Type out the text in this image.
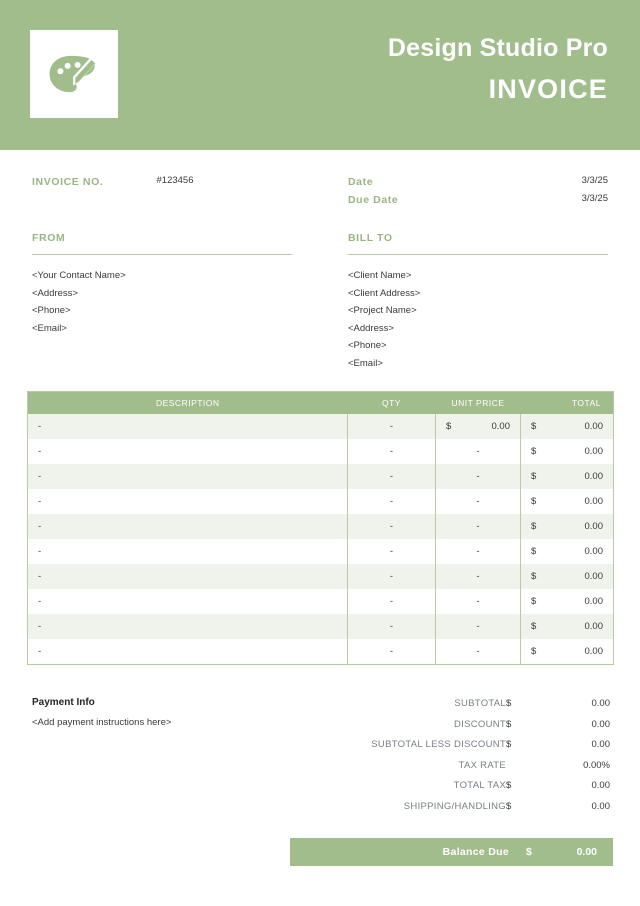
Design Studio Pro
INVOICE
INVOICE NO.	#123456	Date	3/3/25
Due Date	3/3/25
FROM
<Your Contact Name>
<Address>
<Phone>
<Email>
BILL TO
<Client Name>
<Client Address>
<Project Name>
<Address>
<Phone>
<Email>
DESCRIPTION	QTY	UNIT PRICE	TOTAL
-	-	$ 0.00	$ 0.00

-	-	-	$ 0.00

-	-	-	$ 0.00

-	-	-	$ 0.00

-	-	-	$ 0.00

-	-	-	$ 0.00

-	-	-	$ 0.00

-	-	-	$ 0.00

-	-	-	$ 0.00

-	-	-	$ 0.00
Payment Info
<Add payment instructions here>
SUBTOTAL $	0.00
DISCOUNT $	0.00
SUBTOTAL LESS DISCOUNT $	0.00
TAX RATE	0.00%
TOTAL TAX $	0.00
SHIPPING/HANDLING $	0.00
Balance Due $	0.00
